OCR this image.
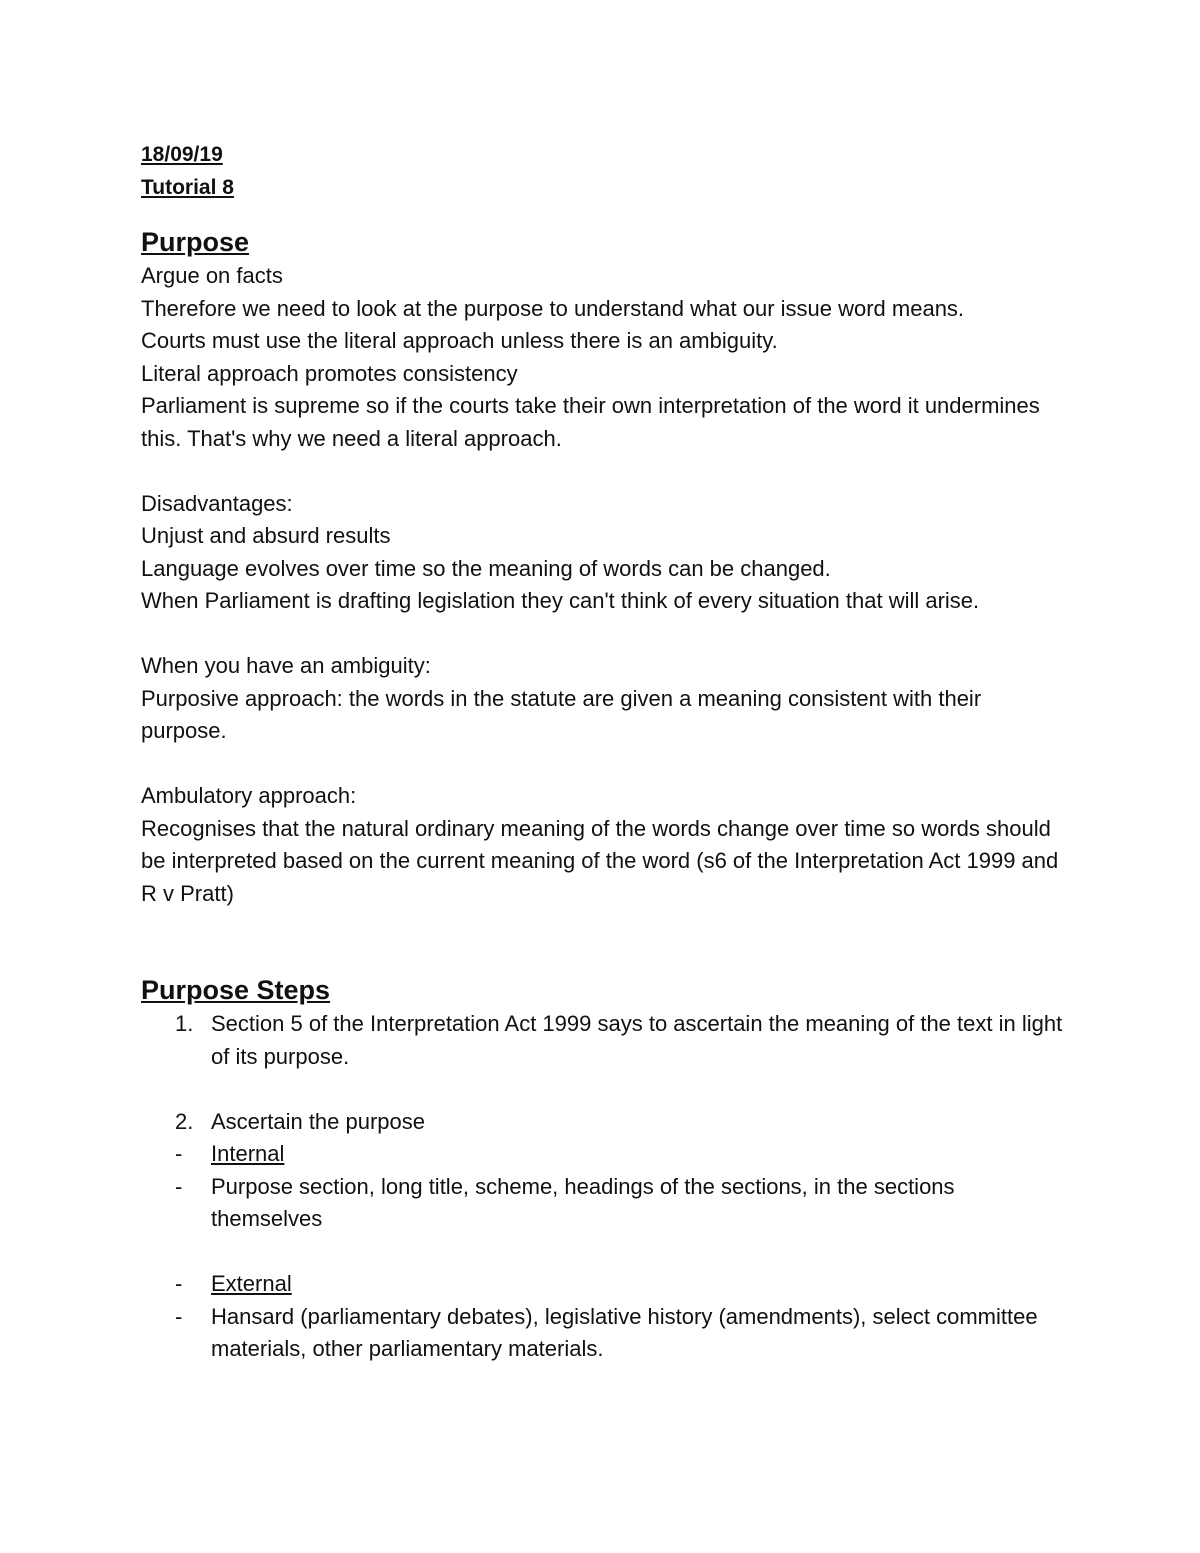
18/09/19
Tutorial 8
Purpose
Argue on facts
Therefore we need to look at the purpose to understand what our issue word means.
Courts must use the literal approach unless there is an ambiguity.
Literal approach promotes consistency
Parliament is supreme so if the courts take their own interpretation of the word it undermines this. That's why we need a literal approach.
Disadvantages:
Unjust and absurd results
Language evolves over time so the meaning of words can be changed.
When Parliament is drafting legislation they can't think of every situation that will arise.
When you have an ambiguity:
Purposive approach: the words in the statute are given a meaning consistent with their purpose.
Ambulatory approach:
Recognises that the natural ordinary meaning of the words change over time so words should be interpreted based on the current meaning of the word (s6 of the Interpretation Act 1999 and R v Pratt)
Purpose Steps
1. Section 5 of the Interpretation Act 1999 says to ascertain the meaning of the text in light of its purpose.
2. Ascertain the purpose
-	Internal
-	Purpose section, long title, scheme, headings of the sections, in the sections themselves
-	External
-	Hansard (parliamentary debates), legislative history (amendments), select committee materials, other parliamentary materials.
